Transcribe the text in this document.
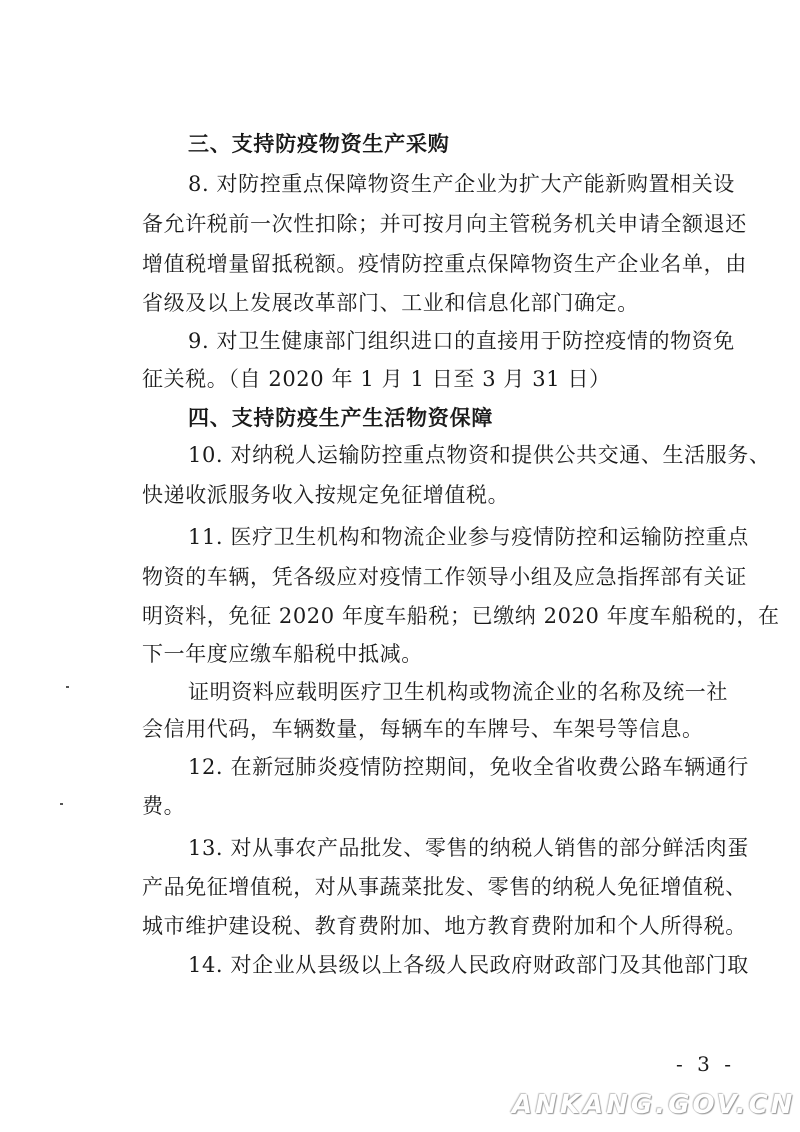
三、支持防疫物资生产采购
8. 对防控重点保障物资生产企业为扩大产能新购置相关设
备允许税前一次性扣除；并可按月向主管税务机关申请全额退还
增值税增量留抵税额。疫情防控重点保障物资生产企业名单，由
省级及以上发展改革部门、工业和信息化部门确定。
9. 对卫生健康部门组织进口的直接用于防控疫情的物资免
征关税。（自 2020 年 1 月 1 日至 3 月 31 日）
四、支持防疫生产生活物资保障
10. 对纳税人运输防控重点物资和提供公共交通、生活服务、
快递收派服务收入按规定免征增值税。
11. 医疗卫生机构和物流企业参与疫情防控和运输防控重点
物资的车辆，凭各级应对疫情工作领导小组及应急指挥部有关证
明资料，免征 2020 年度车船税；已缴纳 2020 年度车船税的，在
下一年度应缴车船税中抵减。
证明资料应载明医疗卫生机构或物流企业的名称及统一社
会信用代码，车辆数量，每辆车的车牌号、车架号等信息。
12. 在新冠肺炎疫情防控期间，免收全省收费公路车辆通行
费。
13. 对从事农产品批发、零售的纳税人销售的部分鲜活肉蛋
产品免征增值税，对从事蔬菜批发、零售的纳税人免征增值税、
城市维护建设税、教育费附加、地方教育费附加和个人所得税。
14. 对企业从县级以上各级人民政府财政部门及其他部门取
- 3 -
ANKANG.GOV.CN
